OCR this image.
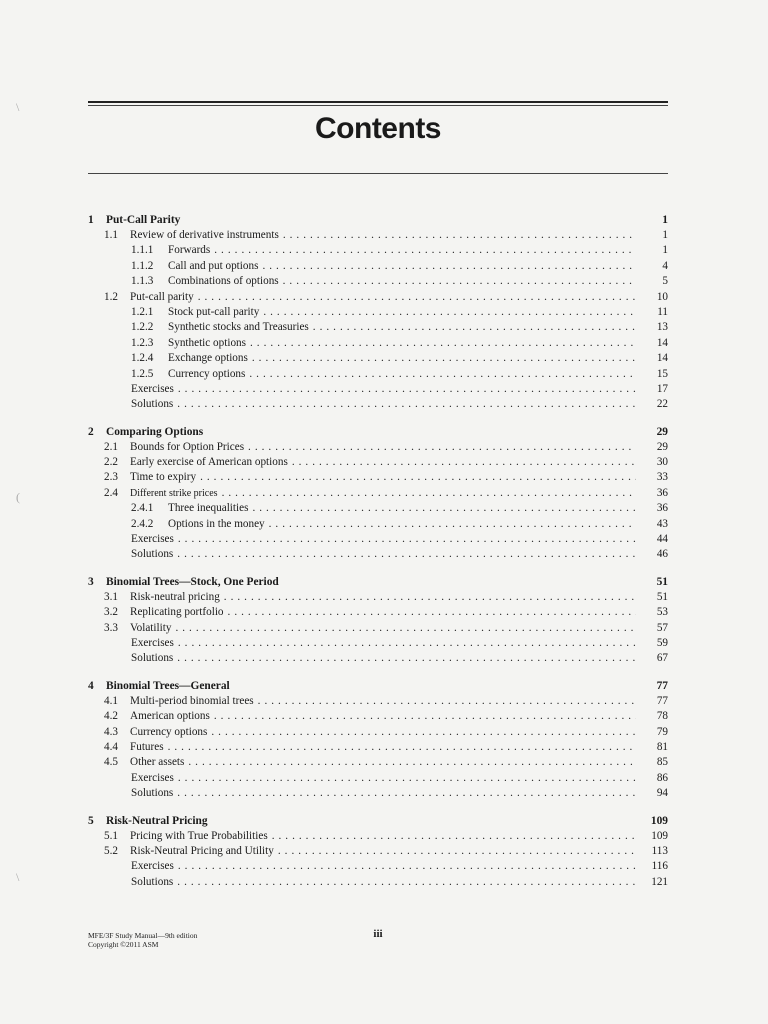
Contents
1	Put-Call Parity	1
1.1	Review of derivative instruments . . .	1
1.1.1	Forwards . . .	1
1.1.2	Call and put options . . .	4
1.1.3	Combinations of options . . .	5
1.2	Put-call parity . . .	10
1.2.1	Stock put-call parity . . .	11
1.2.2	Synthetic stocks and Treasuries . . .	13
1.2.3	Synthetic options . . .	14
1.2.4	Exchange options . . .	14
1.2.5	Currency options . . .	15
Exercises . . .	17
Solutions . . .	22
2	Comparing Options	29
2.1	Bounds for Option Prices . . .	29
2.2	Early exercise of American options . . .	30
2.3	Time to expiry . . .	33
2.4	Different strike prices . . .	36
2.4.1	Three inequalities . . .	36
2.4.2	Options in the money . . .	43
Exercises . . .	44
Solutions . . .	46
3	Binomial Trees—Stock, One Period	51
3.1	Risk-neutral pricing . . .	51
3.2	Replicating portfolio . . .	53
3.3	Volatility . . .	57
Exercises . . .	59
Solutions . . .	67
4	Binomial Trees—General	77
4.1	Multi-period binomial trees . . .	77
4.2	American options . . .	78
4.3	Currency options . . .	79
4.4	Futures . . .	81
4.5	Other assets . . .	85
Exercises . . .	86
Solutions . . .	94
5	Risk-Neutral Pricing	109
5.1	Pricing with True Probabilities . . .	109
5.2	Risk-Neutral Pricing and Utility . . .	113
Exercises . . .	116
Solutions . . .	121
MFE/3F Study Manual—9th edition
Copyright ©2011 ASM
iii
\
(
\
